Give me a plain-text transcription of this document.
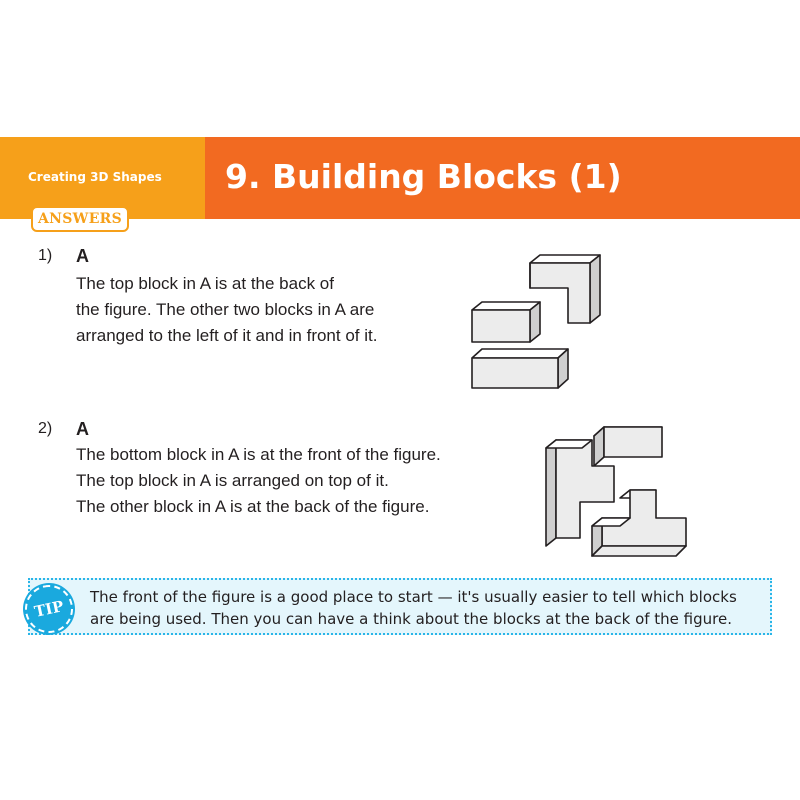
Creating 3D Shapes 9. Building Blocks (1)
ANSWERS
1) A
The top block in A is at the back of
the figure. The other two blocks in A are
arranged to the left of it and in front of it.
2) A
The bottom block in A is at the front of the figure.
The top block in A is arranged on top of it.
The other block in A is at the back of the figure.
TIP
The front of the figure is a good place to start — it's usually easier to tell which blocks
are being used. Then you can have a think about the blocks at the back of the figure.
